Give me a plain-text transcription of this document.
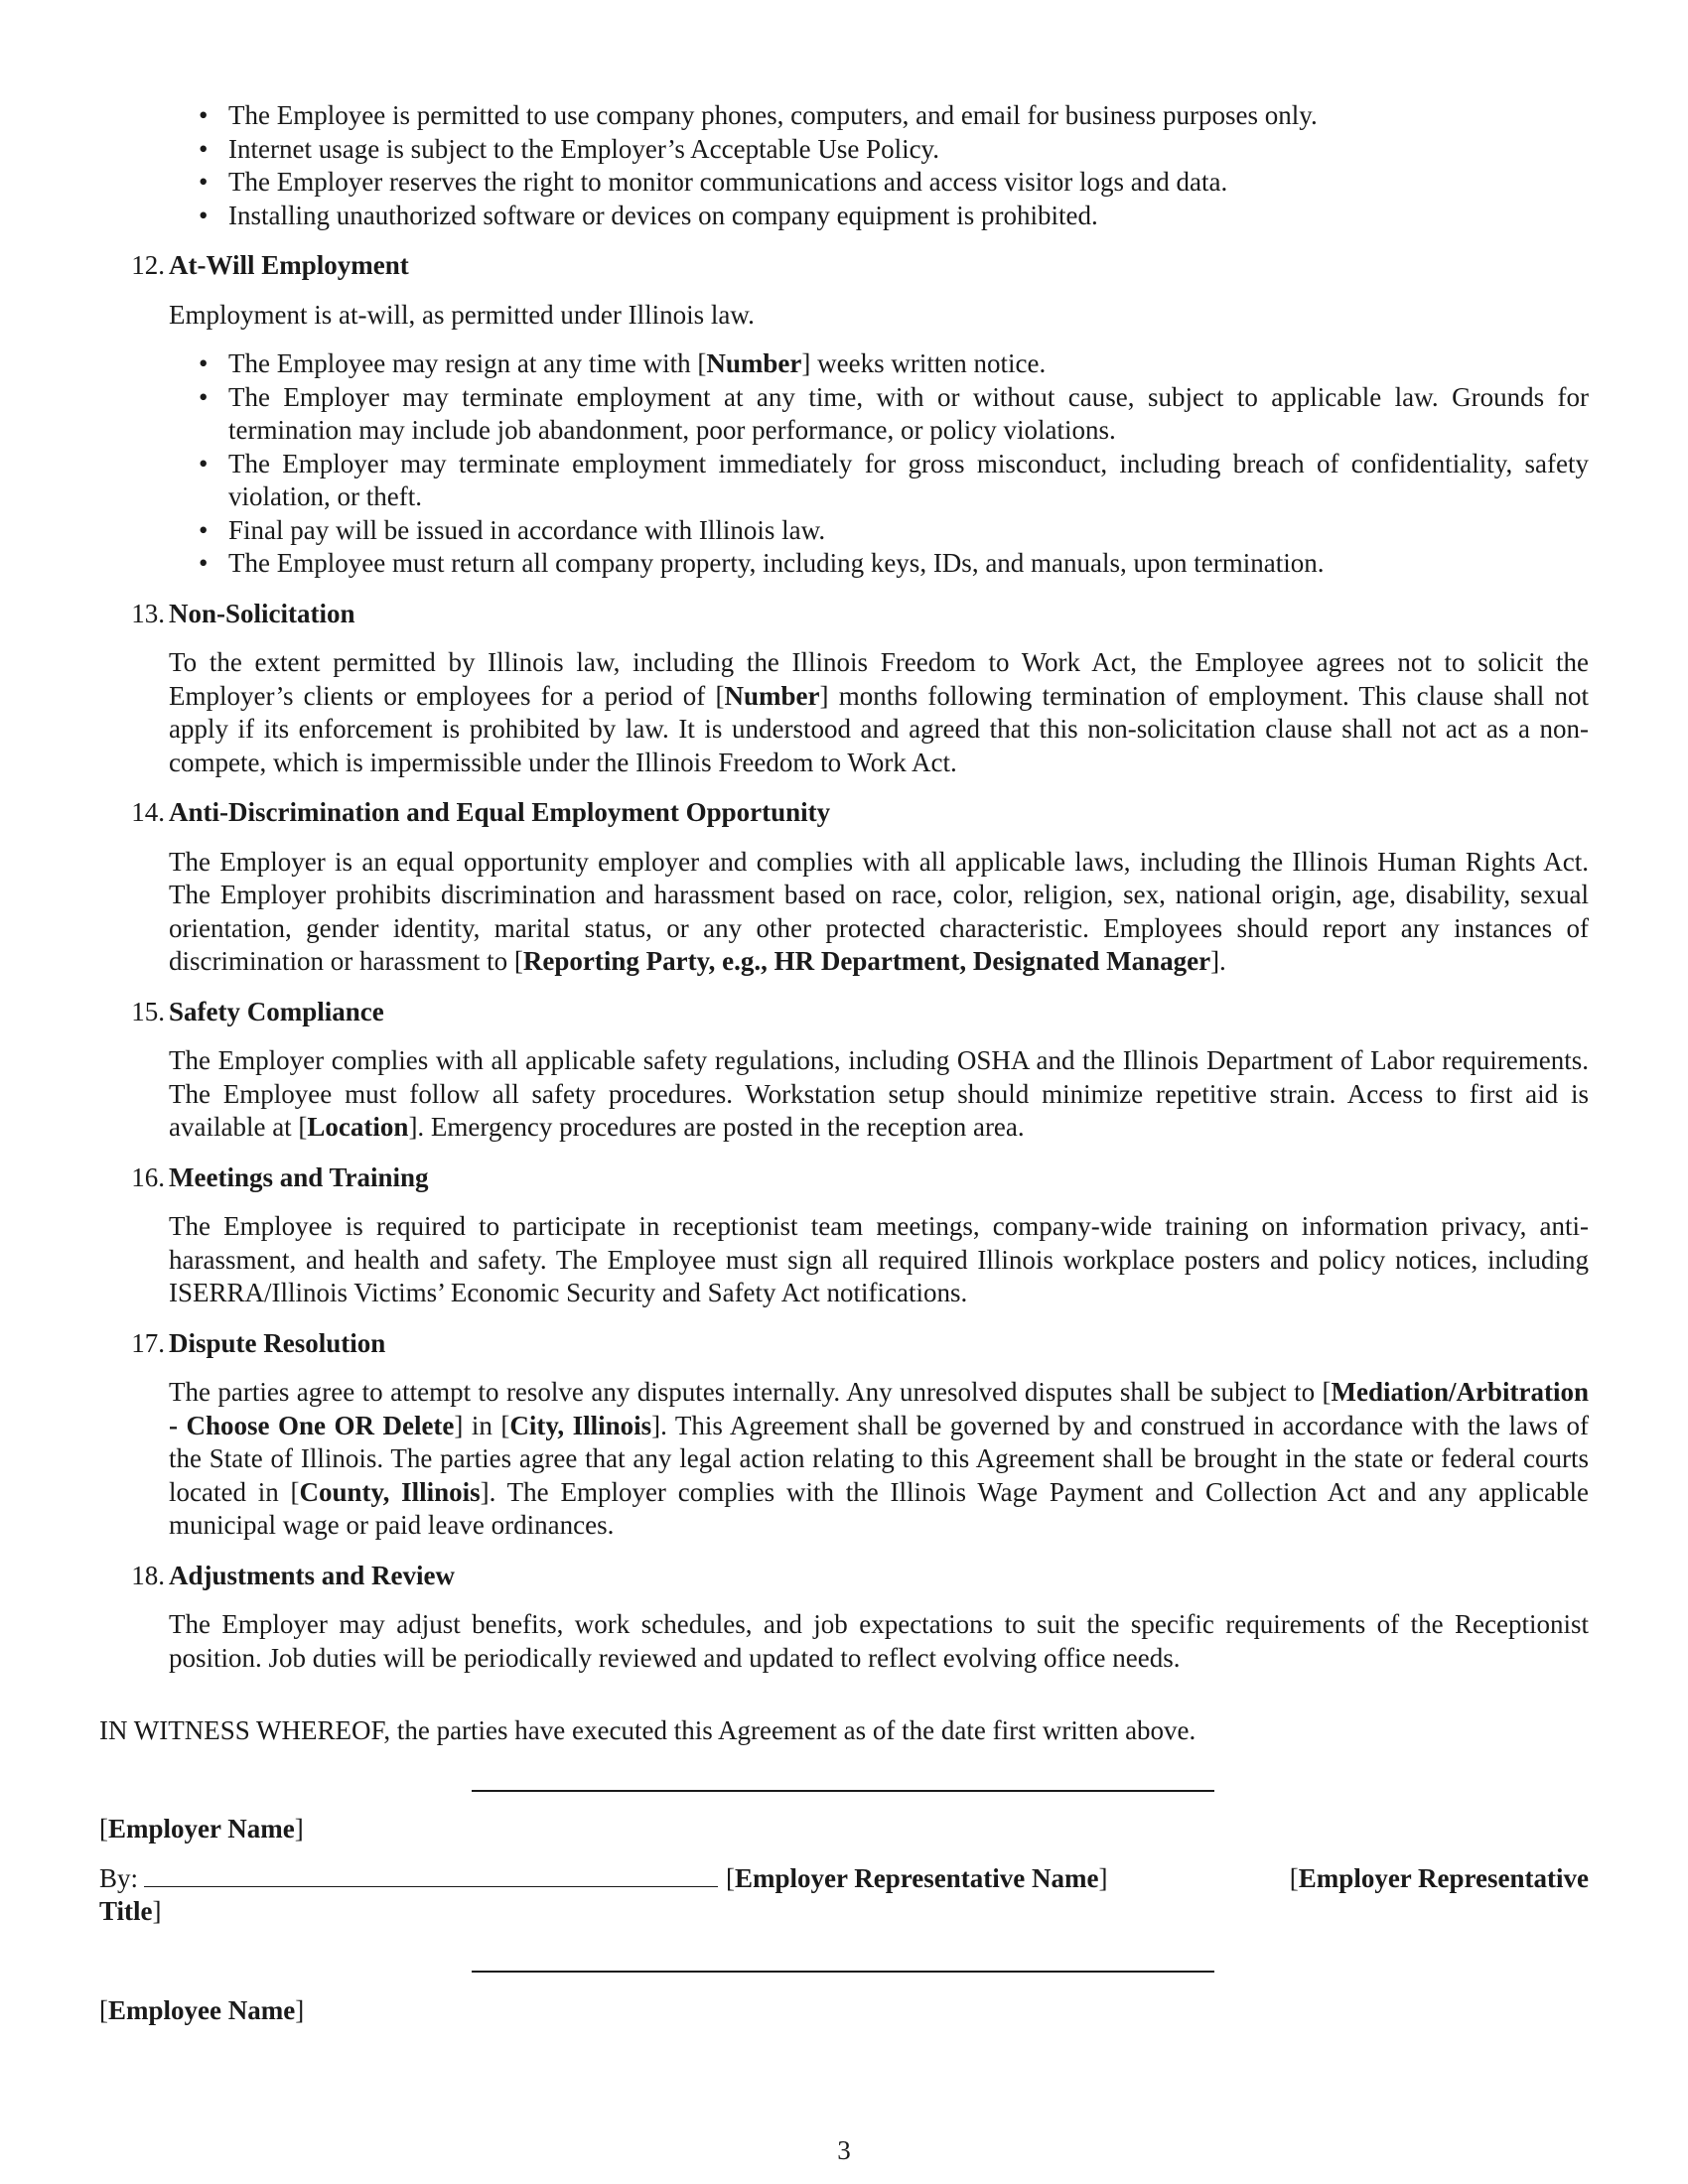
• The Employee is permitted to use company phones, computers, and email for business purposes only.
• Internet usage is subject to the Employer’s Acceptable Use Policy.
• The Employer reserves the right to monitor communications and access visitor logs and data.
• Installing unauthorized software or devices on company equipment is prohibited.
12. At-Will Employment

Employment is at-will, as permitted under Illinois law.

• The Employee may resign at any time with [Number] weeks written notice.
• The Employer may terminate employment at any time, with or without cause, subject to applicable law. Grounds for termination may include job abandonment, poor performance, or policy violations.
• The Employer may terminate employment immediately for gross misconduct, including breach of confidentiality, safety violation, or theft.
• Final pay will be issued in accordance with Illinois law.
• The Employee must return all company property, including keys, IDs, and manuals, upon termination.
13. Non-Solicitation

To the extent permitted by Illinois law, including the Illinois Freedom to Work Act, the Employee agrees not to solicit the Employer’s clients or employees for a period of [Number] months following termination of employment. This clause shall not apply if its enforcement is prohibited by law. It is understood and agreed that this non-solicitation clause shall not act as a non-compete, which is impermissible under the Illinois Freedom to Work Act.

14. Anti-Discrimination and Equal Employment Opportunity

The Employer is an equal opportunity employer and complies with all applicable laws, including the Illinois Human Rights Act. The Employer prohibits discrimination and harassment based on race, color, religion, sex, national origin, age, disability, sexual orientation, gender identity, marital status, or any other protected characteristic. Employees should report any instances of discrimination or harassment to [Reporting Party, e.g., HR Department, Designated Manager].

15. Safety Compliance

The Employer complies with all applicable safety regulations, including OSHA and the Illinois Department of Labor requirements. The Employee must follow all safety procedures. Workstation setup should minimize repetitive strain. Access to first aid is available at [Location]. Emergency procedures are posted in the reception area.

16. Meetings and Training

The Employee is required to participate in receptionist team meetings, company-wide training on information privacy, anti-harassment, and health and safety. The Employee must sign all required Illinois workplace posters and policy notices, including ISERRA/Illinois Victims’ Economic Security and Safety Act notifications.

17. Dispute Resolution

The parties agree to attempt to resolve any disputes internally. Any unresolved disputes shall be subject to [Mediation/Arbitration - Choose One OR Delete] in [City, Illinois]. This Agreement shall be governed by and construed in accordance with the laws of the State of Illinois. The parties agree that any legal action relating to this Agreement shall be brought in the state or federal courts located in [County, Illinois]. The Employer complies with the Illinois Wage Payment and Collection Act and any applicable municipal wage or paid leave ordinances.

18. Adjustments and Review

The Employer may adjust benefits, work schedules, and job expectations to suit the specific requirements of the Receptionist position. Job duties will be periodically reviewed and updated to reflect evolving office needs.

IN WITNESS WHEREOF, the parties have executed this Agreement as of the date first written above.
[Employer Name]
By:	[Employer Representative Name]	[Employer Representative
Title]
[Employee Name]
3
